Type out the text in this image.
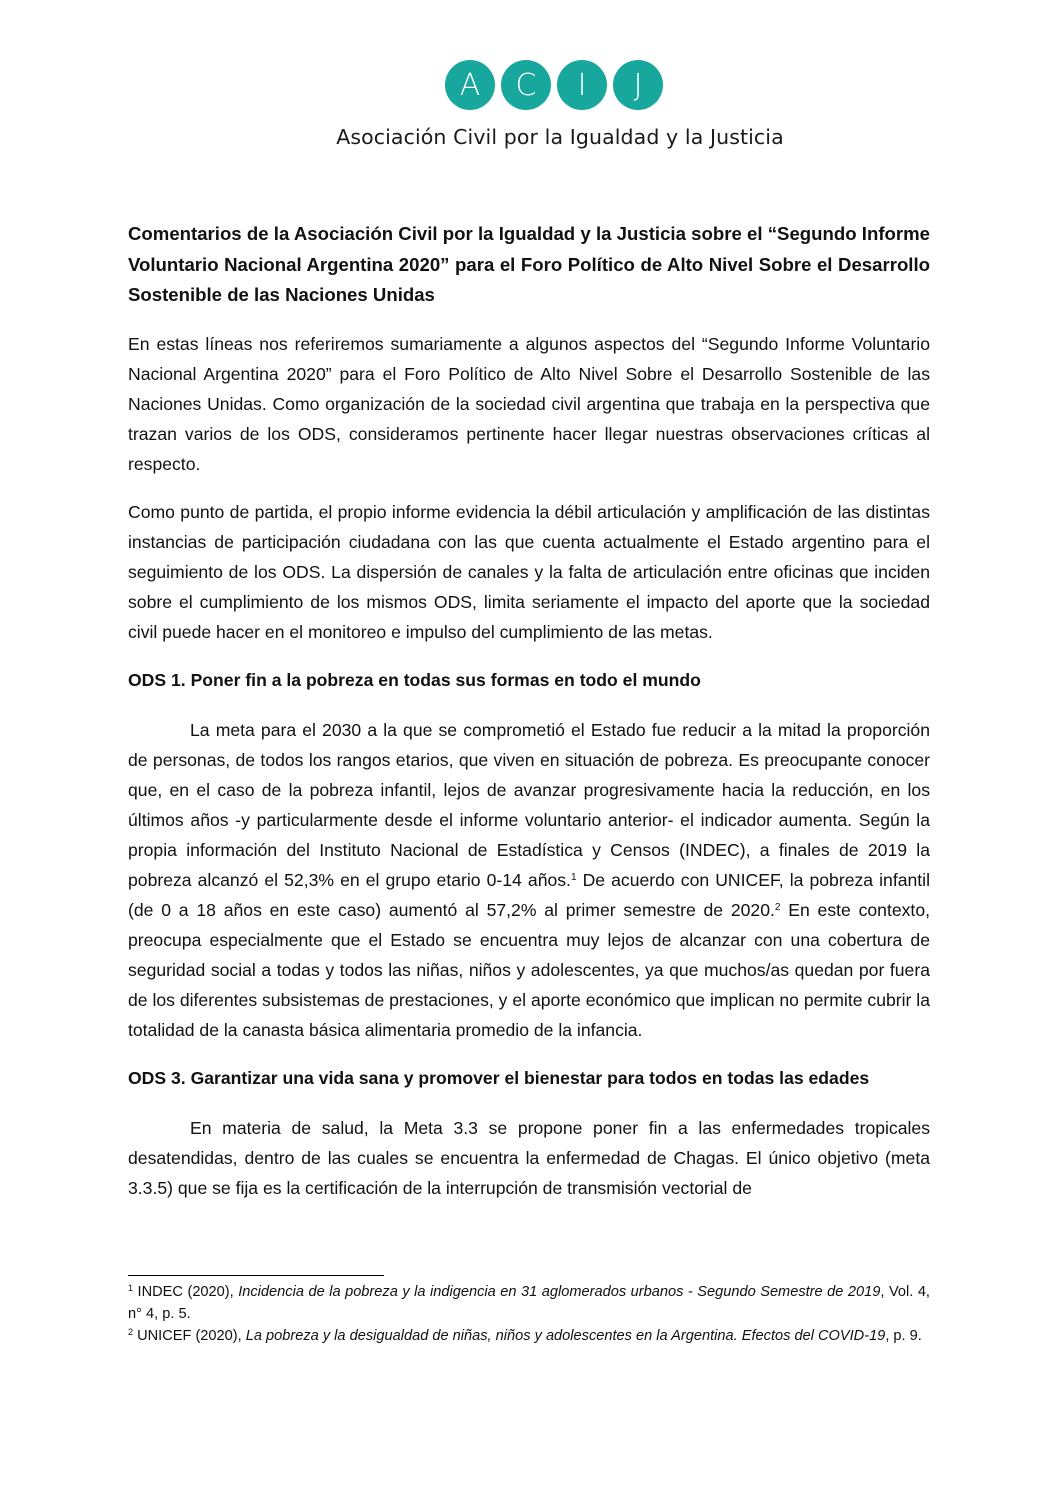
A	C	I	J
Asociación Civil por la Igualdad y la Justicia

Comentarios de la Asociación Civil por la Igualdad y la Justicia sobre el “Segundo Informe Voluntario Nacional Argentina 2020” para el Foro Político de Alto Nivel Sobre el Desarrollo Sostenible de las Naciones Unidas

En estas líneas nos referiremos sumariamente a algunos aspectos del “Segundo Informe Voluntario Nacional Argentina 2020” para el Foro Político de Alto Nivel Sobre el Desarrollo Sostenible de las Naciones Unidas. Como organización de la sociedad civil argentina que trabaja en la perspectiva que trazan varios de los ODS, consideramos pertinente hacer llegar nuestras observaciones críticas al respecto.

Como punto de partida, el propio informe evidencia la débil articulación y amplificación de las distintas instancias de participación ciudadana con las que cuenta actualmente el Estado argentino para el seguimiento de los ODS. La dispersión de canales y la falta de articulación entre oficinas que inciden sobre el cumplimiento de los mismos ODS, limita seriamente el impacto del aporte que la sociedad civil puede hacer en el monitoreo e impulso del cumplimiento de las metas.

ODS 1. Poner fin a la pobreza en todas sus formas en todo el mundo

La meta para el 2030 a la que se comprometió el Estado fue reducir a la mitad la proporción de personas, de todos los rangos etarios, que viven en situación de pobreza. Es preocupante conocer que, en el caso de la pobreza infantil, lejos de avanzar progresivamente hacia la reducción, en los últimos años -y particularmente desde el informe voluntario anterior- el indicador aumenta. Según la propia información del Instituto Nacional de Estadística y Censos (INDEC), a finales de 2019 la pobreza alcanzó el 52,3% en el grupo etario 0-14 años.$^1$ De acuerdo con UNICEF, la pobreza infantil (de 0 a 18 años en este caso) aumentó al 57,2% al primer semestre de 2020.$^2$ En este contexto, preocupa especialmente que el Estado se encuentra muy lejos de alcanzar con una cobertura de seguridad social a todas y todos las niñas, niños y adolescentes, ya que muchos/as quedan por fuera de los diferentes subsistemas de prestaciones, y el aporte económico que implican no permite cubrir la totalidad de la canasta básica alimentaria promedio de la infancia.

ODS 3. Garantizar una vida sana y promover el bienestar para todos en todas las edades

En materia de salud, la Meta 3.3 se propone poner fin a las enfermedades tropicales desatendidas, dentro de las cuales se encuentra la enfermedad de Chagas. El único objetivo (meta 3.3.5) que se fija es la certificación de la interrupción de transmisión vectorial de

$^1$ INDEC (2020), Incidencia de la pobreza y la indigencia en 31 aglomerados urbanos - Segundo Semestre de 2019, Vol. 4, n° 4, p. 5.

$^2$ UNICEF (2020), La pobreza y la desigualdad de niñas, niños y adolescentes en la Argentina. Efectos del COVID-19, p. 9.
